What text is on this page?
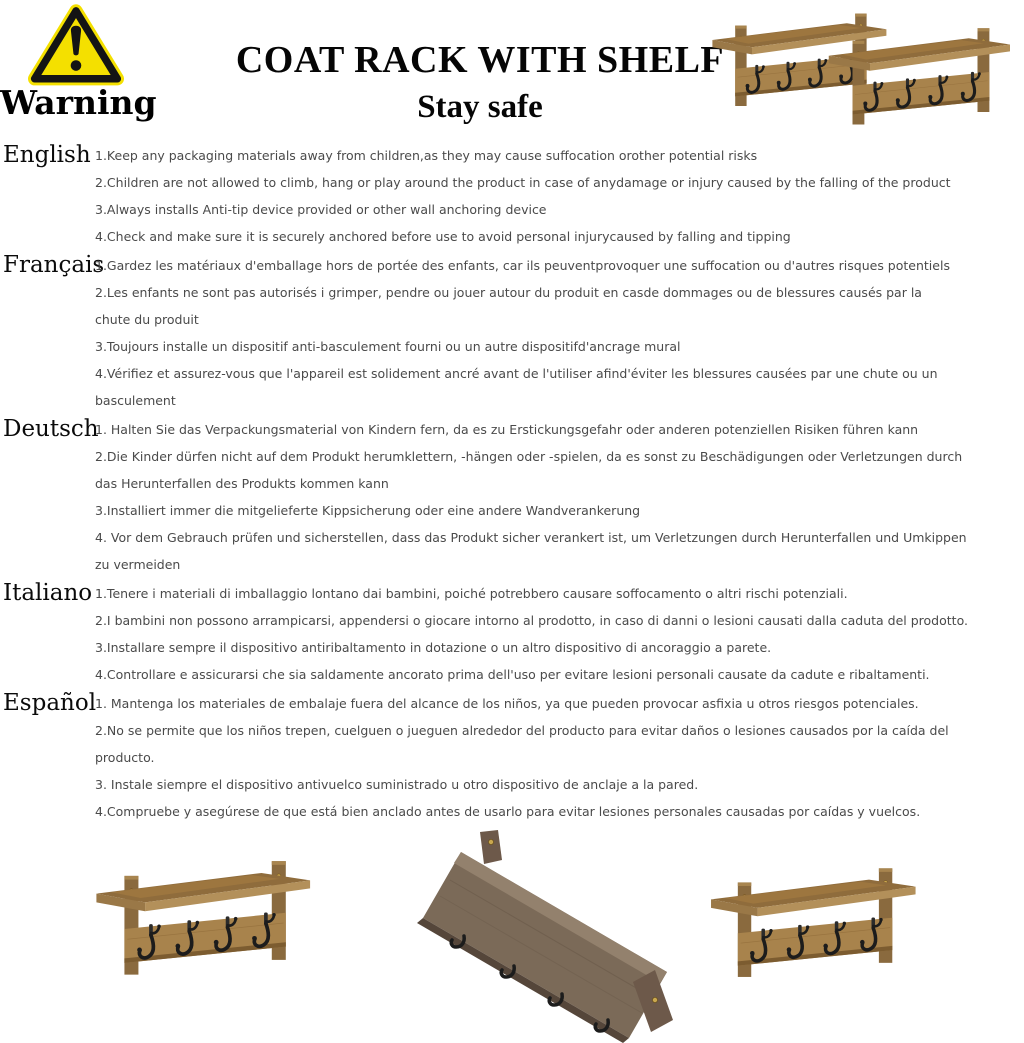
Warning
COAT RACK WITH SHELF
Stay safe
English 1.Keep any packaging materials away from children,as they may cause suffocation orother potential risks
2.Children are not allowed to climb, hang or play around the product in case of anydamage or injury caused by the falling of the product
3.Always installs Anti-tip device provided or other wall anchoring device
4.Check and make sure it is securely anchored before use to avoid personal injurycaused by falling and tipping
Français
1.Gardez les matériaux d'emballage hors de portée des enfants, car ils peuventprovoquer une suffocation ou d'autres risques potentiels
2.Les enfants ne sont pas autorisés i grimper, pendre ou jouer autour du produit en casde dommages ou de blessures causés par la
chute du produit
3.Toujours installe un dispositif anti-basculement fourni ou un autre dispositifd'ancrage mural
4.Vérifiez et assurez-vous que l'appareil est solidement ancré avant de l'utiliser afind'éviter les blessures causées par une chute ou un
basculement
Deutsch
1. Halten Sie das Verpackungsmaterial von Kindern fern, da es zu Erstickungsgefahr oder anderen potenziellen Risiken führen kann
2.Die Kinder dürfen nicht auf dem Produkt herumklettern, -hängen oder -spielen, da es sonst zu Beschädigungen oder Verletzungen durch
das Herunterfallen des Produkts kommen kann
3.Installiert immer die mitgelieferte Kippsicherung oder eine andere Wandverankerung
4. Vor dem Gebrauch prüfen und sicherstellen, dass das Produkt sicher verankert ist, um Verletzungen durch Herunterfallen und Umkippen
zu vermeiden
Italiano 1.Tenere i materiali di imballaggio lontano dai bambini, poiché potrebbero causare soffocamento o altri rischi potenziali.
2.I bambini non possono arrampicarsi, appendersi o giocare intorno al prodotto, in caso di danni o lesioni causati dalla caduta del prodotto.
3.Installare sempre il dispositivo antiribaltamento in dotazione o un altro dispositivo di ancoraggio a parete.
4.Controllare e assicurarsi che sia saldamente ancorato prima dell'uso per evitare lesioni personali causate da cadute e ribaltamenti.
Español
1. Mantenga los materiales de embalaje fuera del alcance de los niños, ya que pueden provocar asfixia u otros riesgos potenciales.
2.No se permite que los niños trepen, cuelguen o jueguen alrededor del producto para evitar daños o lesiones causados por la caída del
producto.
3. Instale siempre el dispositivo antivuelco suministrado u otro dispositivo de anclaje a la pared.
4.Compruebe y asegúrese de que está bien anclado antes de usarlo para evitar lesiones personales causadas por caídas y vuelcos.
